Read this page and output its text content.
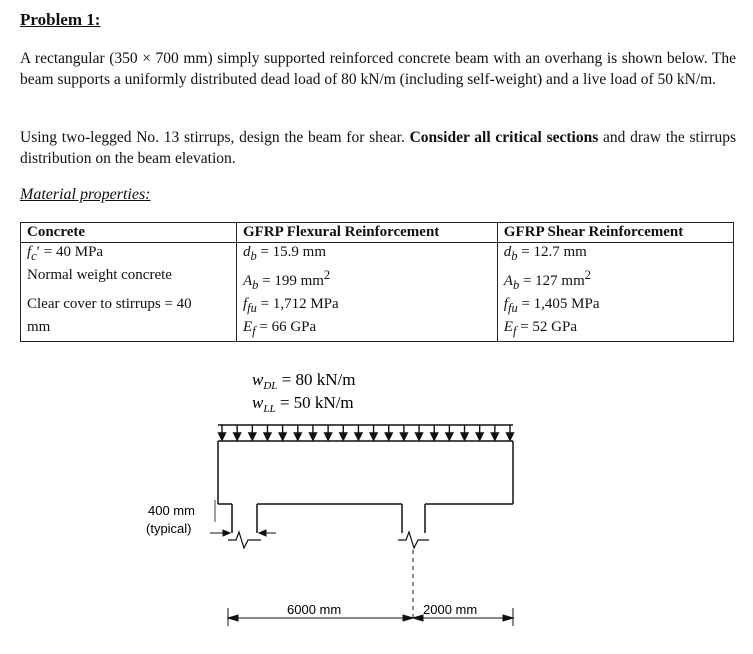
Problem 1:
A rectangular (350 × 700 mm) simply supported reinforced concrete beam with an overhang is shown below. The beam supports a uniformly distributed dead load of 80 kN/m (including self-weight) and a live load of 50 kN/m.
Using two-legged No. 13 stirrups, design the beam for shear. Consider all critical sections and draw the stirrups distribution on the beam elevation.
Material properties:
Concrete	GFRP Flexural Reinforcement	GFRP Shear Reinforcement
$f_c' = 40$ MPa	$d_b = 15.9$ mm	$d_b = 12.7$ mm
Normal weight concrete	$A_b = 199$ $mm^2$	$A_b = 127$ $mm^2$
Clear cover to stirrups = 40	$f_{fu} = 1,712$ MPa	$f_{fu} = 1,405$ MPa
mm	$E_f = 66$ GPa	$E_f = 52$ GPa
$w_{DL} = 80$ kN/m
$w_{LL} = 50$ kN/m
400 mm
(typical)
6000 mm	2000 mm
